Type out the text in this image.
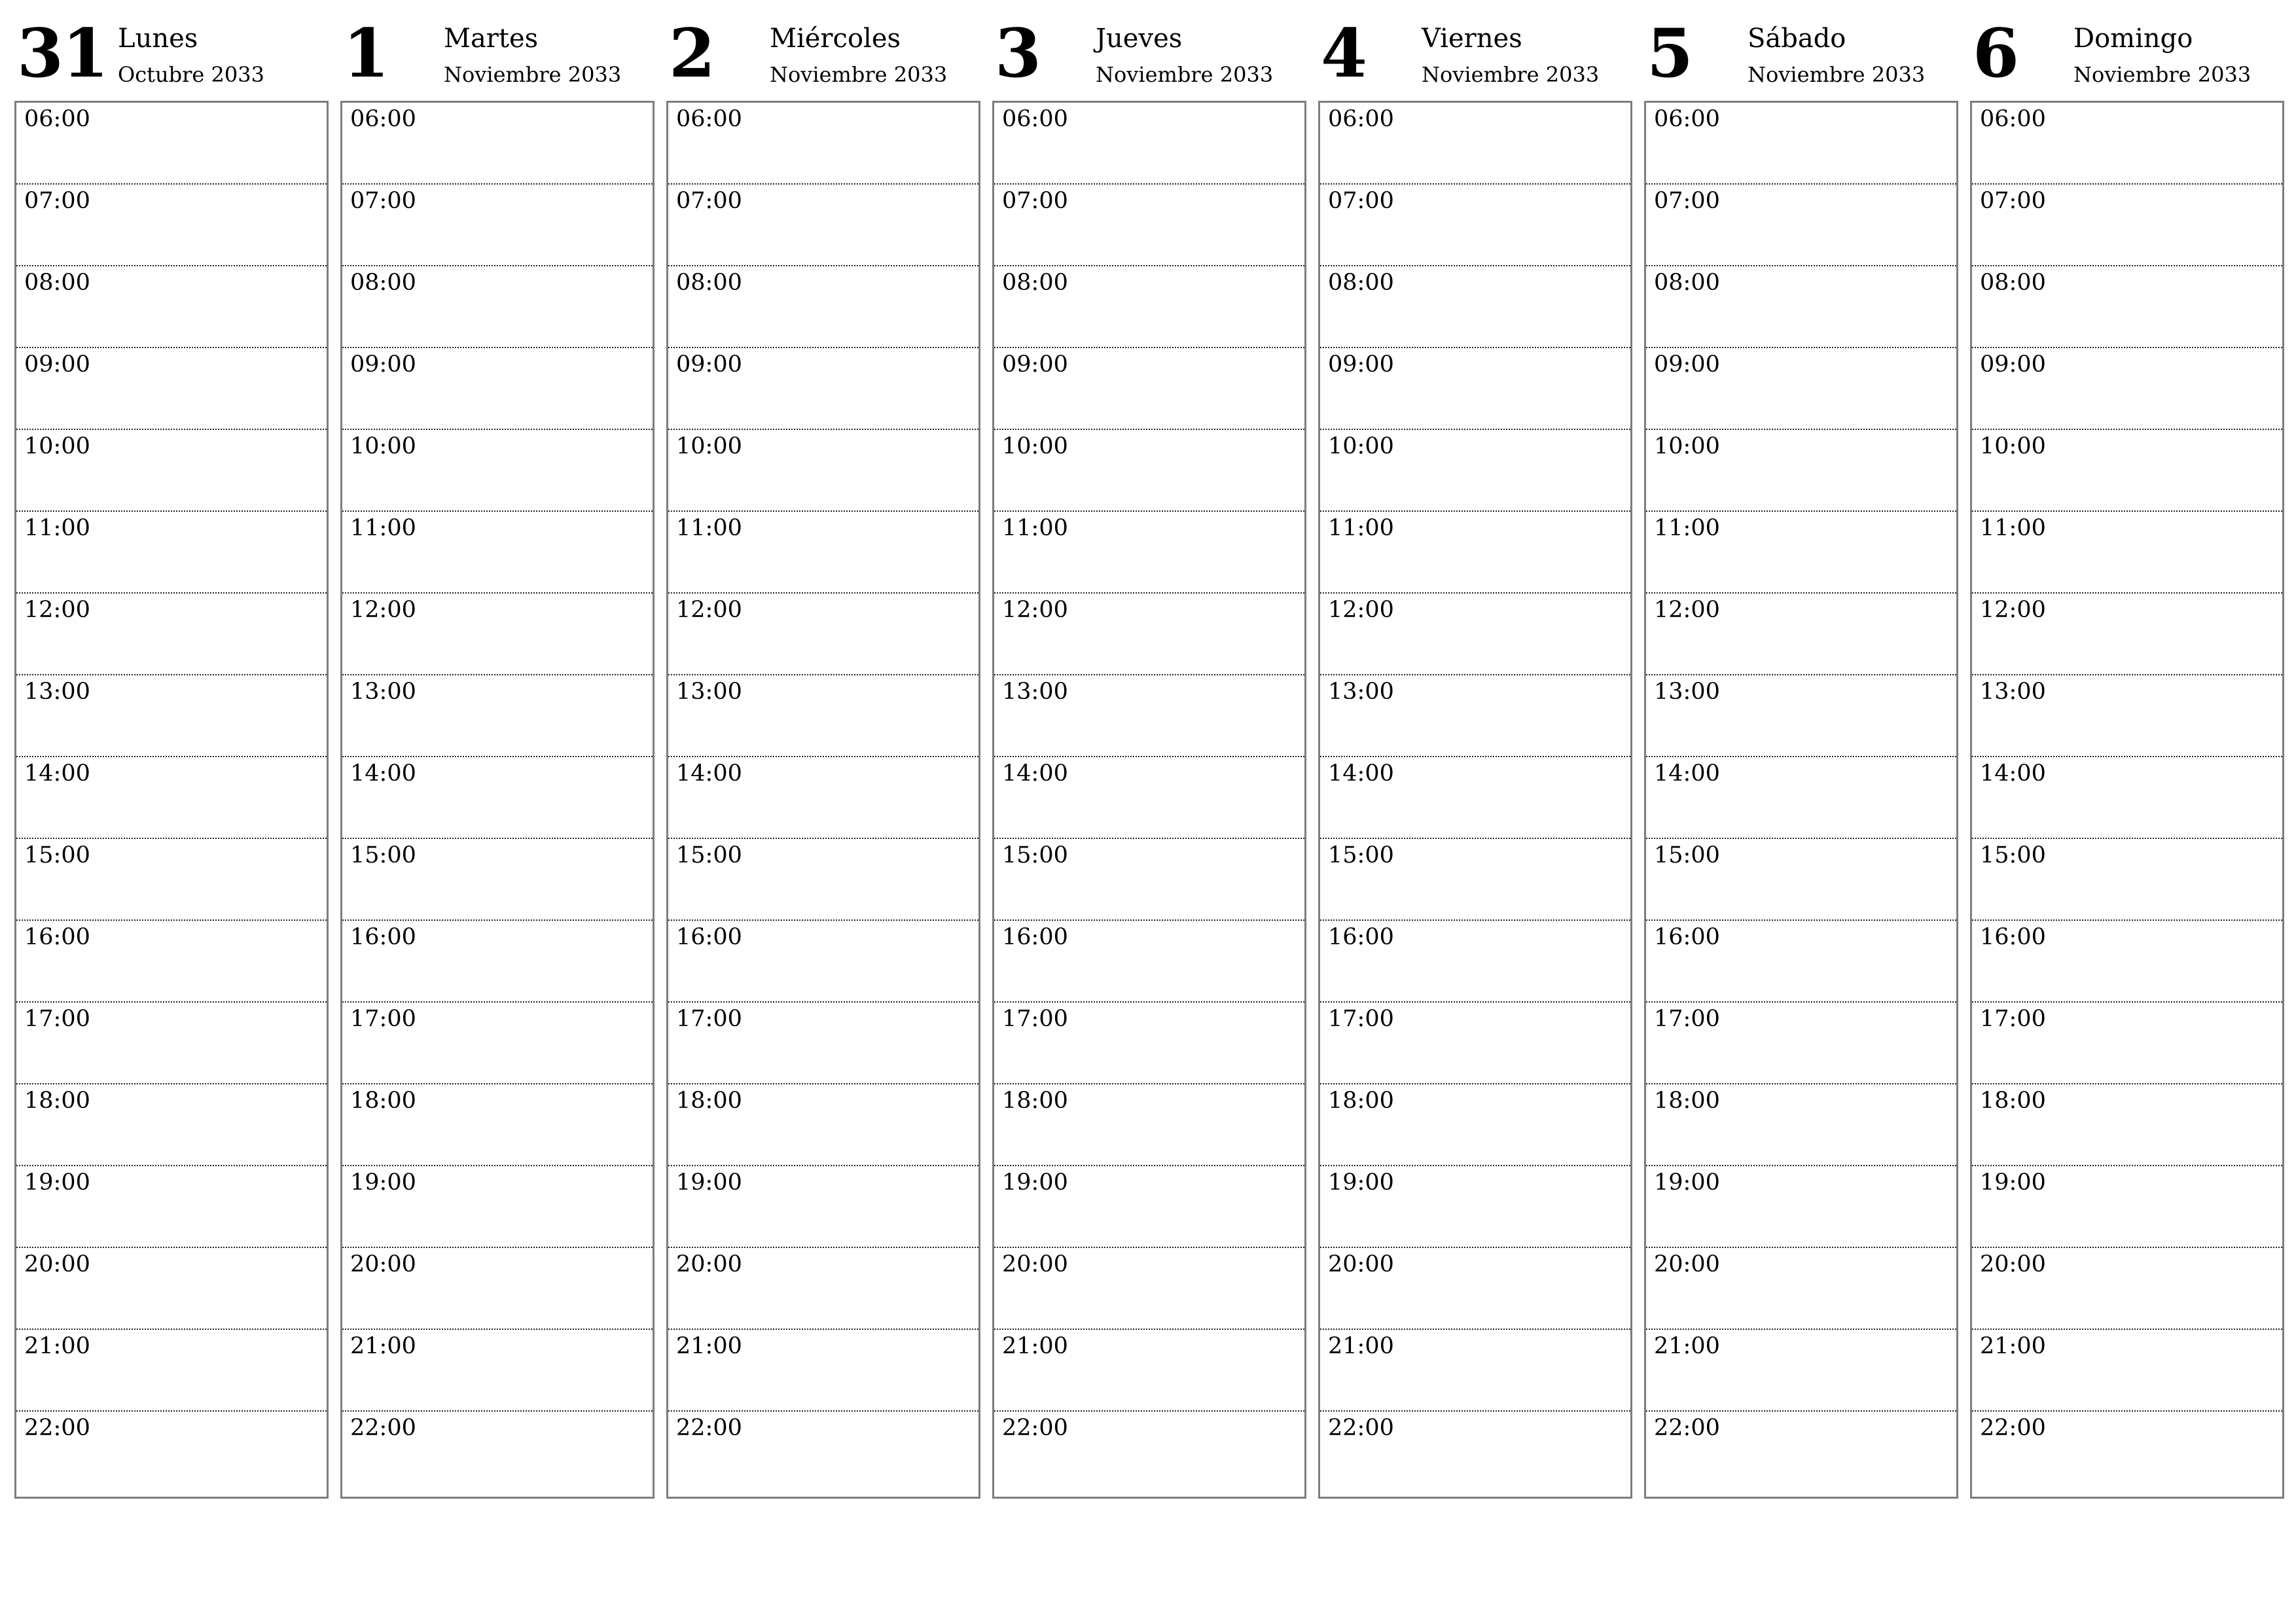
31 Lunes
Octubre 2033
06:00
07:00
08:00
09:00
10:00
11:00
12:00
13:00
14:00
15:00
16:00
17:00
18:00
19:00
20:00
21:00
22:00
1 Martes
Noviembre 2033
06:00
07:00
08:00
09:00
10:00
11:00
12:00
13:00
14:00
15:00
16:00
17:00
18:00
19:00
20:00
21:00
22:00
2 Miércoles
Noviembre 2033
06:00
07:00
08:00
09:00
10:00
11:00
12:00
13:00
14:00
15:00
16:00
17:00
18:00
19:00
20:00
21:00
22:00
3 Jueves
Noviembre 2033
06:00
07:00
08:00
09:00
10:00
11:00
12:00
13:00
14:00
15:00
16:00
17:00
18:00
19:00
20:00
21:00
22:00
4 Viernes
Noviembre 2033
06:00
07:00
08:00
09:00
10:00
11:00
12:00
13:00
14:00
15:00
16:00
17:00
18:00
19:00
20:00
21:00
22:00
5 Sábado
Noviembre 2033
06:00
07:00
08:00
09:00
10:00
11:00
12:00
13:00
14:00
15:00
16:00
17:00
18:00
19:00
20:00
21:00
22:00
6 Domingo
Noviembre 2033
06:00
07:00
08:00
09:00
10:00
11:00
12:00
13:00
14:00
15:00
16:00
17:00
18:00
19:00
20:00
21:00
22:00
